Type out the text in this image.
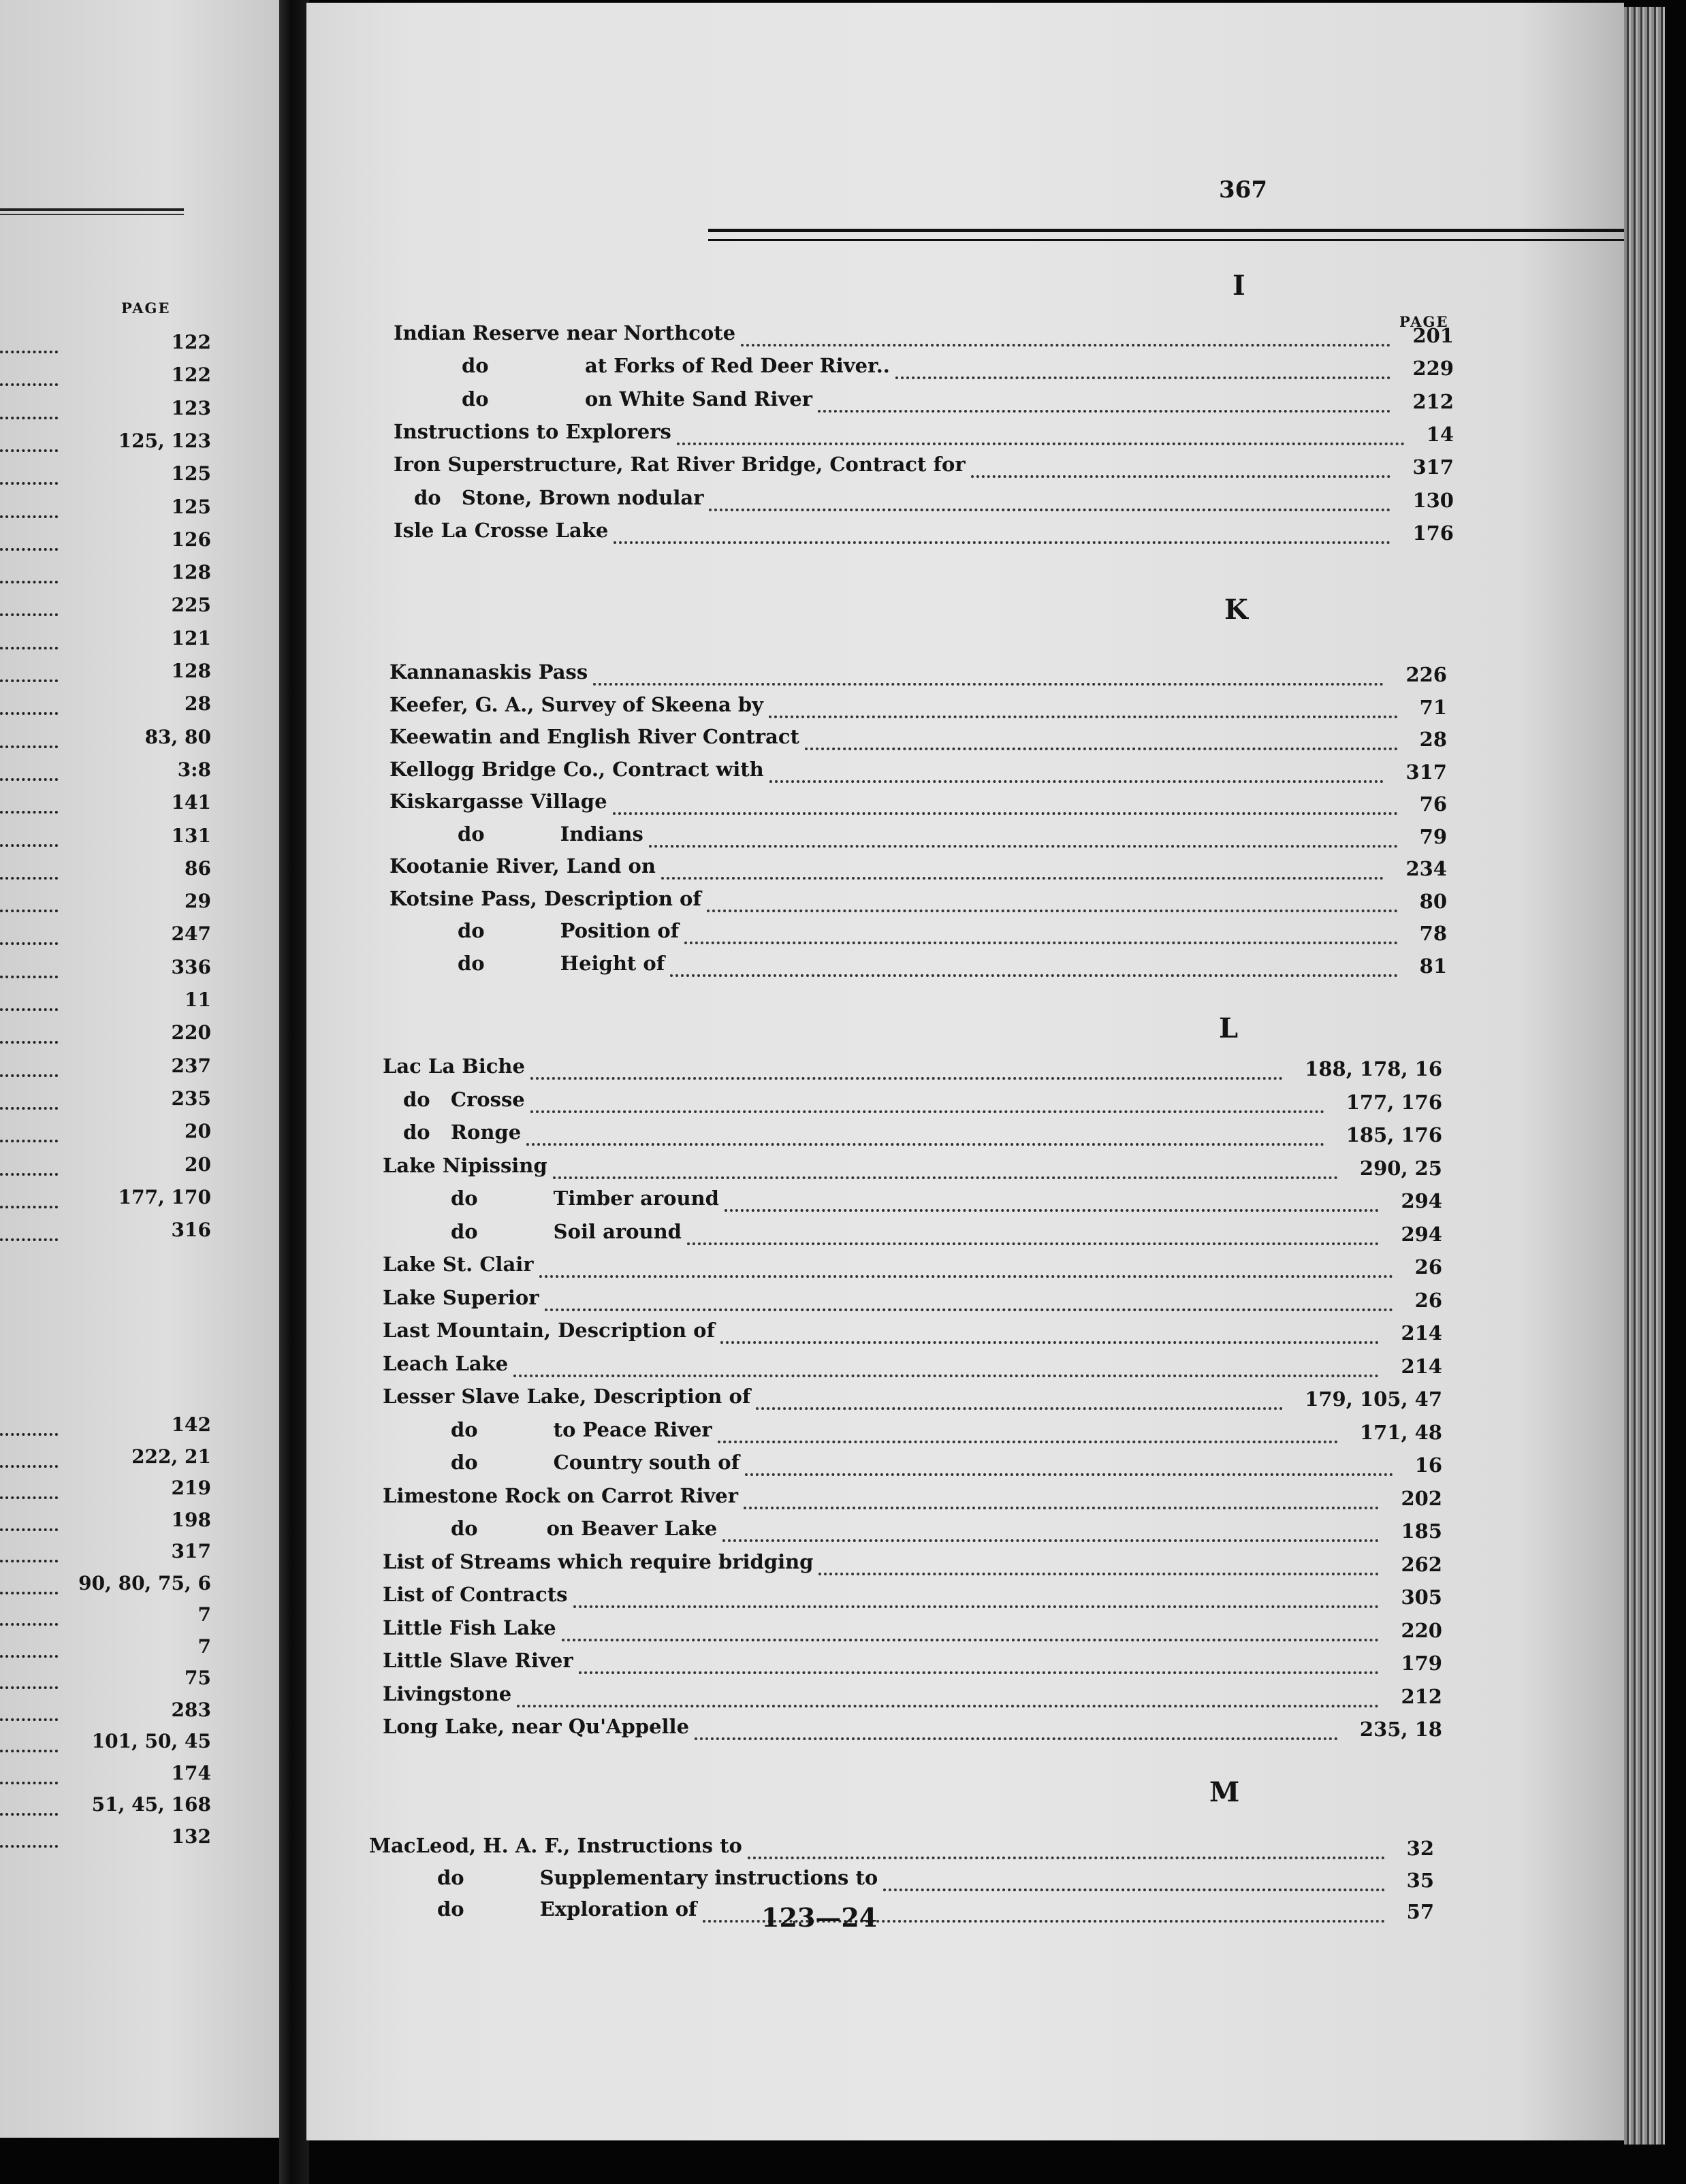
PAGE
122
122
123
125, 123
125
125
126
128
225
121
128
28
83, 80
3:8
141
131
86
29
247
336
11
220
237
235
20
20
177, 170
316
142
222, 21
219
198
317
90, 80, 75, 6
7
7
75
283
101, 50, 45
174
51, 45, 168
132
367
I
PAGE
Indian Reserve near Northcote	201
do              at Forks of Red Deer River..	229
do              on White Sand River	212
Instructions to Explorers	14
Iron Superstructure, Rat River Bridge, Contract for	317
do   Stone, Brown nodular	130
Isle La Crosse Lake	176
K
Kannanaskis Pass	226
Keefer, G. A., Survey of Skeena by	71
Keewatin and English River Contract	28
Kellogg Bridge Co., Contract with	317
Kiskargasse Village	76
do           Indians	79
Kootanie River, Land on	234
Kotsine Pass, Description of	80
do           Position of	78
do           Height of	81
L
Lac La Biche	188, 178, 16
do   Crosse	177, 176
do   Ronge	185, 176
Lake Nipissing	290, 25
do           Timber around	294
do           Soil around	294
Lake St. Clair	26
Lake Superior	26
Last Mountain, Description of	214
Leach Lake	214
Lesser Slave Lake, Description of	179, 105, 47
do           to Peace River	171, 48
do           Country south of	16
Limestone Rock on Carrot River	202
do          on Beaver Lake	185
List of Streams which require bridging	262
List of Contracts	305
Little Fish Lake	220
Little Slave River	179
Livingstone	212
Long Lake, near Qu'Appelle	235, 18
M
MacLeod, H. A. F., Instructions to	32
do           Supplementary instructions to	35
do           Exploration of	57
123—24
